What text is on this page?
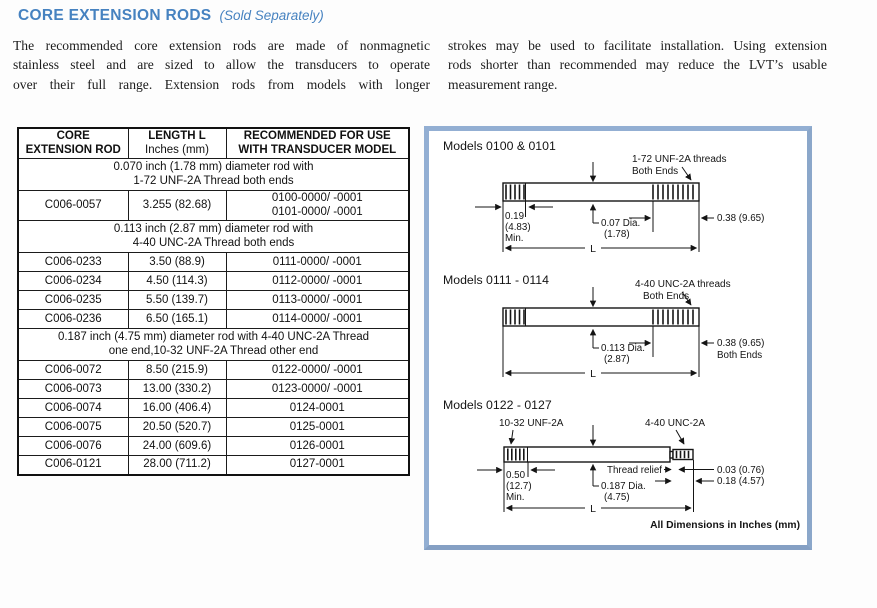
CORE EXTENSION RODS (Sold Separately)

The recommended core extension rods are made of nonmagnetic
stainless steel and are sized to allow the transducers to operate
over their full range. Extension rods from models with longer

strokes may be used to facilitate installation. Using extension
rods shorter than recommended may reduce the LVT’s usable
measurement range.

CORE
EXTENSION ROD

LENGTH L
Inches (mm)

RECOMMENDED FOR USE
WITH TRANSDUCER MODEL

0.070 inch (1.78 mm) diameter rod with
1-72 UNF-2A Thread both ends		

C006-0057	3.255 (82.68)	0100-0000/ -0001
0101-0000/ -0001

0.113 inch (2.87 mm) diameter rod with
4-40 UNC-2A Thread both ends		

C006-0233	3.50 (88.9)	0111-0000/ -0001

C006-0234	4.50 (114.3)	0112-0000/ -0001

C006-0235	5.50 (139.7)	0113-0000/ -0001

C006-0236	6.50 (165.1)	0114-0000/ -0001

0.187 inch (4.75 mm) diameter rod with 4-40 UNC-2A Thread
one end,10-32 UNF-2A Thread other end		

C006-0072	8.50 (215.9)	0122-0000/ -0001

C006-0073	13.00 (330.2)	0123-0000/ -0001

C006-0074	16.00 (406.4)	0124-0001

C006-0075	20.50 (520.7)	0125-0001

C006-0076	24.00 (609.6)	0126-0001

C006-0121	28.00 (711.2)	0127-0001
Models 0100 & 0101
1-72 UNF-2A threads
Both Ends
0.07 Dia.
(1.78)
0.19
(4.83)
Min.
0.38 (9.65)
L
Models 0111 - 0114	4-40 UNC-2A threads
Both Ends
0.113 Dia.
(2.87)
0.38 (9.65)
Both Ends
L
Models 0122 - 0127
10-32 UNF-2A	4-40 UNC-2A
0.187 Dia.
(4.75)
0.50
(12.7)
Min.
Thread relief	0.03 (0.76)
0.18 (4.57)
L
All Dimensions in Inches (mm)
